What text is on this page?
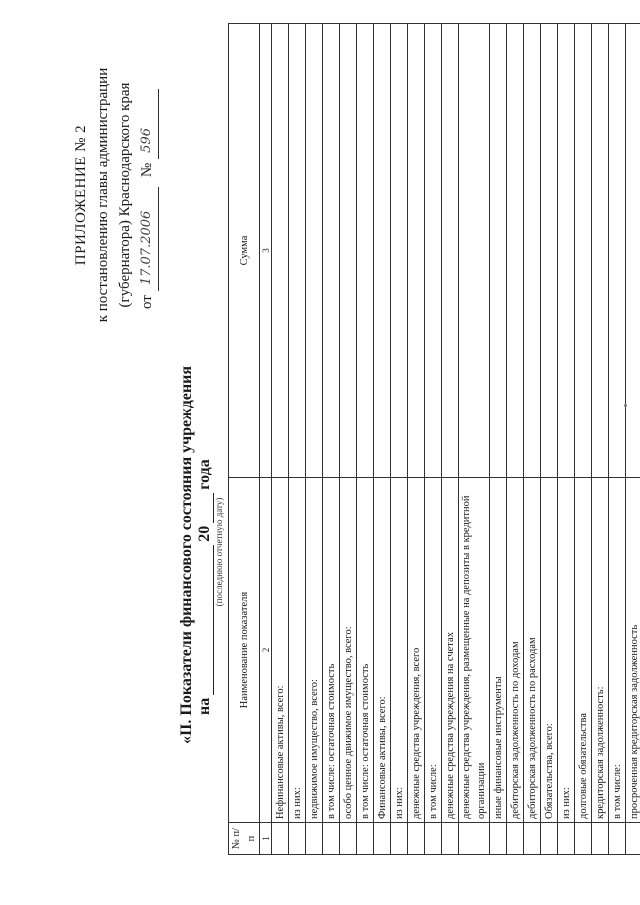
ПРИЛОЖЕНИЕ № 2 к постановлению главы администрации (губернатора) Краснодарского края от
17.07.2006
№
596
«II. Показатели финансового состояния учреждения на
20
года
(последнюю отчетную дату)
№ п/п	Наименование показателя	Сумма
1	2	3
	Нефинансовые активы, всего:	
	из них:	
	недвижимое имущество, всего:	
	в том числе: остаточная стоимость	
	особо ценное движимое имущество, всего:	
	в том числе: остаточная стоимость	
	Финансовые активы, всего:	
	из них:	
	денежные средства учреждения, всего	
	в том числе:	
	денежные средства учреждения на счетах	
	денежные средства учреждения, размещенные на депозиты в кредитной организации	
	иные финансовые инструменты	
	дебиторская задолженность по доходам	
	дебиторская задолженность по расходам	
	Обязательства, всего:	
	из них:	
	долговые обязательства	
	кредиторская задолженность:	
	в том числе:	
	просроченная кредиторская задолженность	
